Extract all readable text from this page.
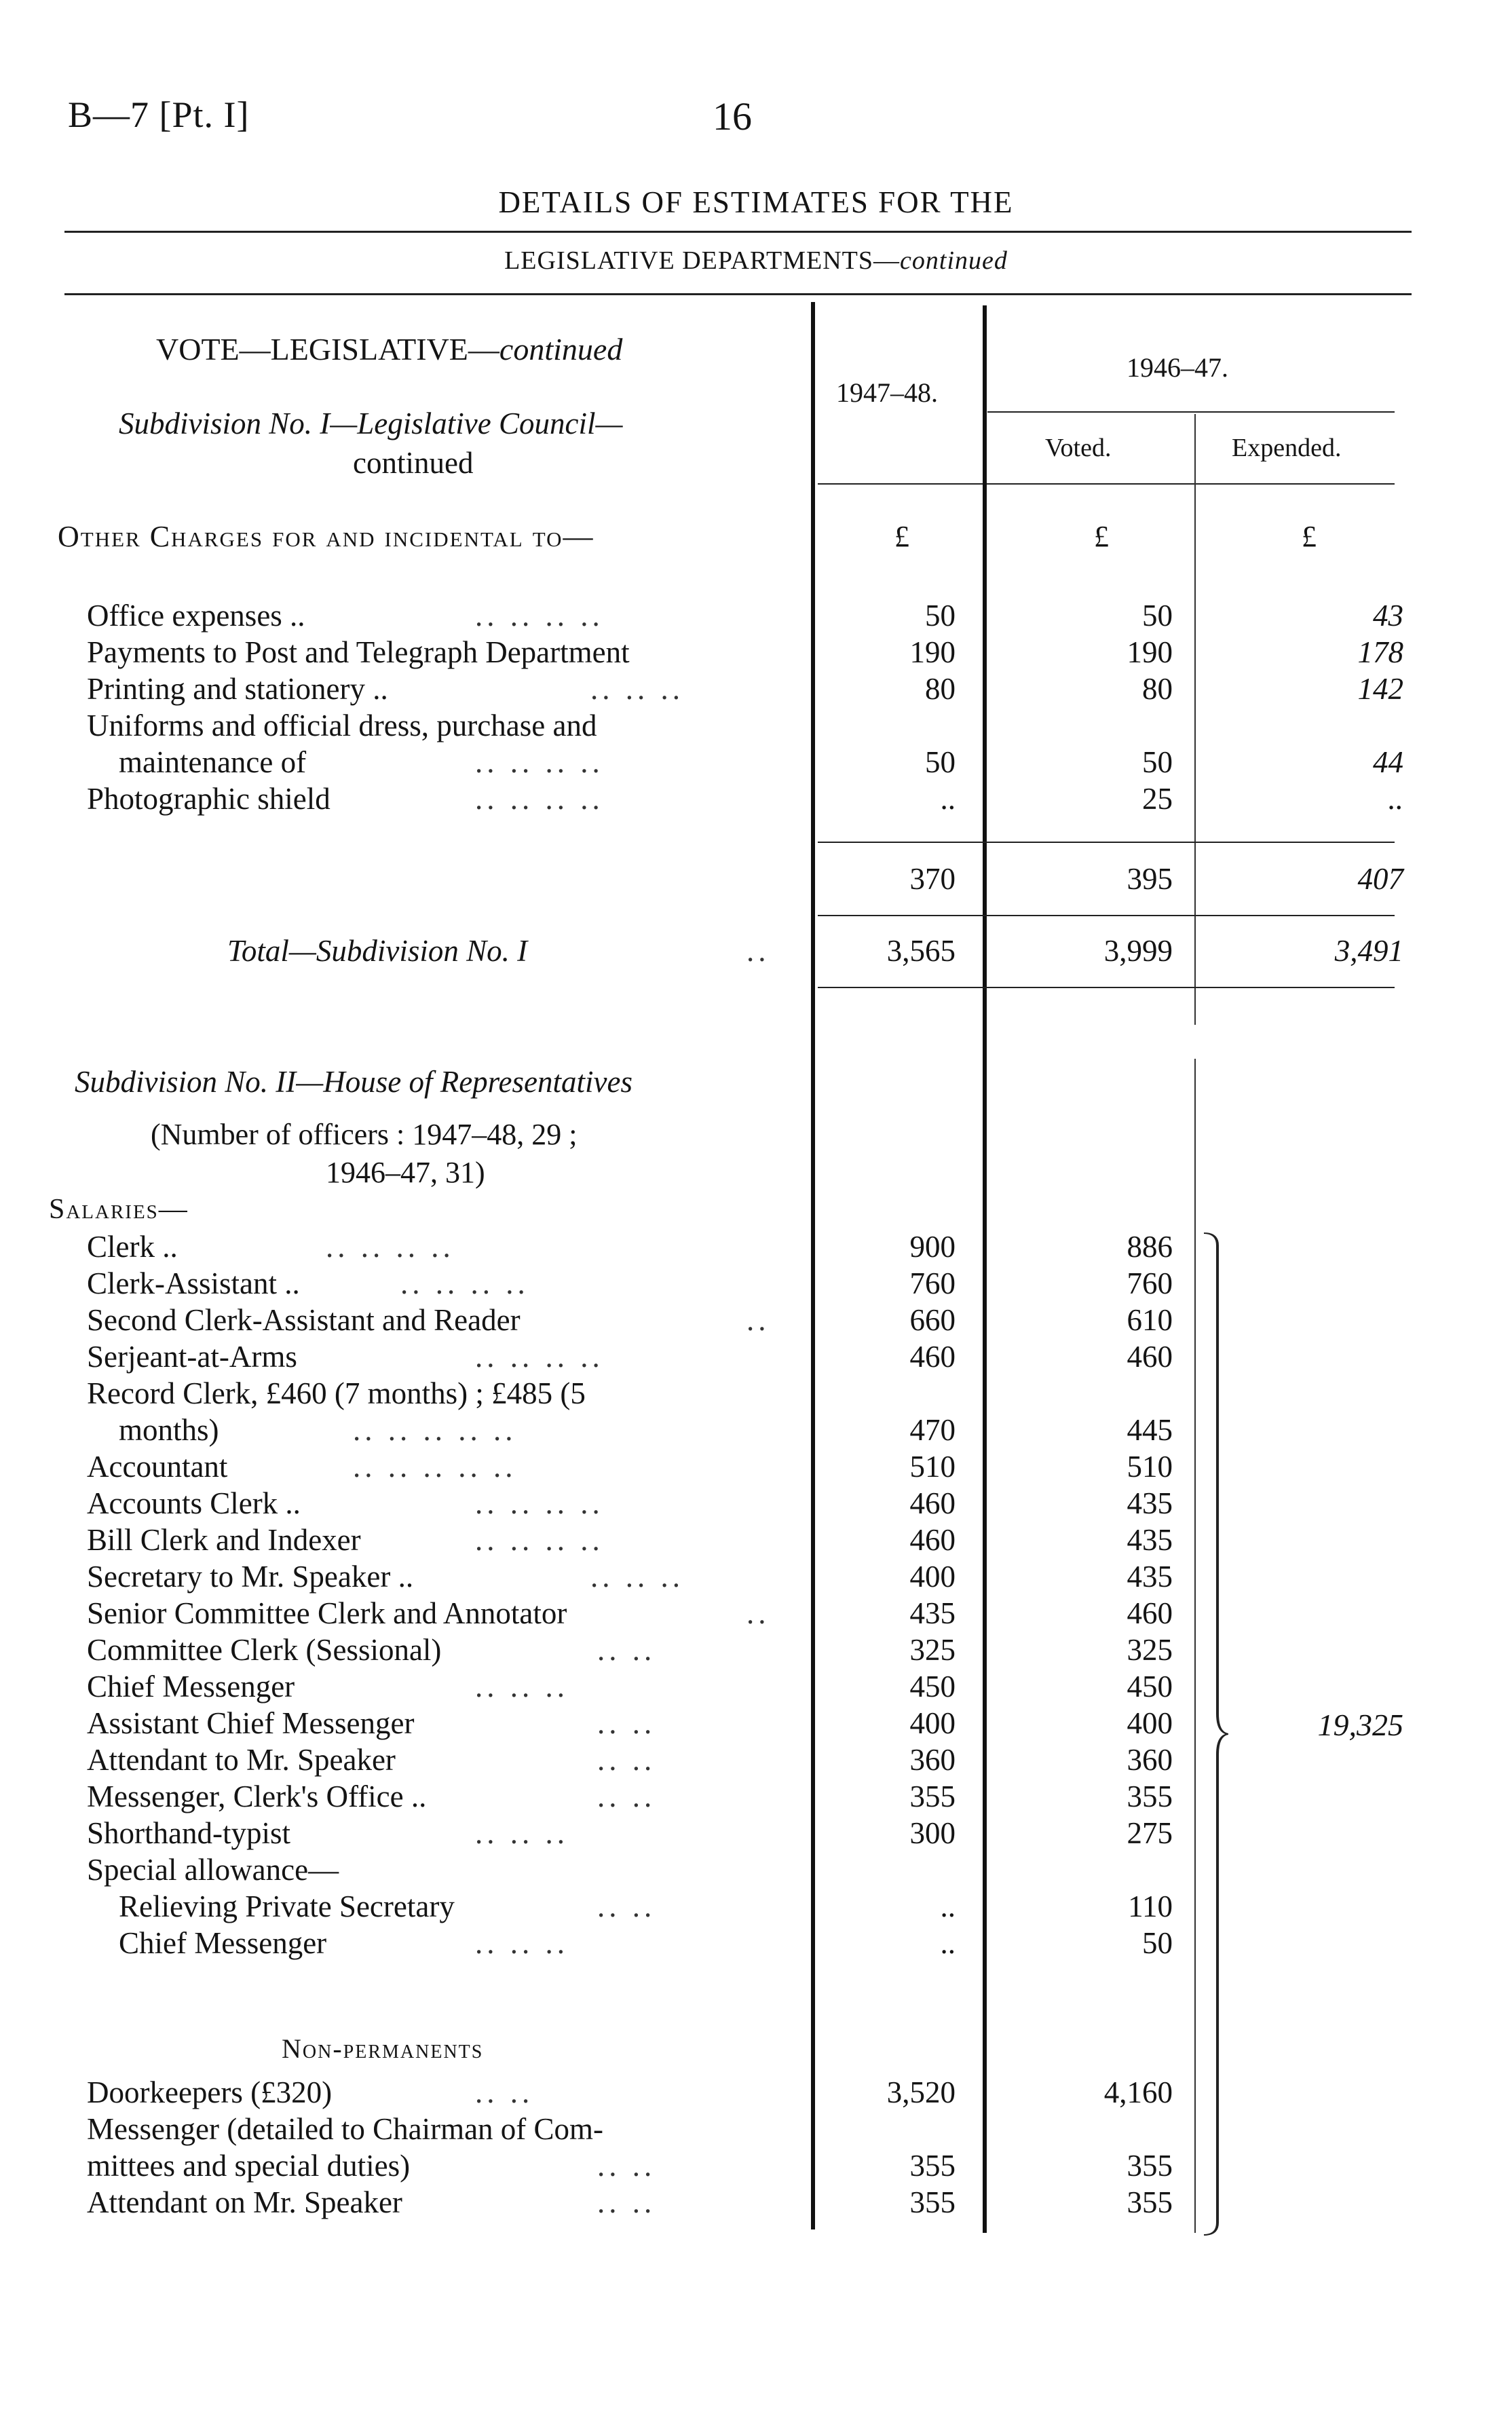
B—7 [Pt. I]	16
DETAILS OF ESTIMATES FOR THE
LEGISLATIVE DEPARTMENTS—continued
VOTE—LEGISLATIVE—continued
Subdivision No. I—Legislative Council—
continued
1947–48.
1946–47.
Voted.	Expended.
Other Charges for and incidental to—	£	£	£
Office expenses ..	.. .. .. ..	50	50	43
Payments to Post and Telegraph Department	190	190	178
Printing and stationery ..	.. .. ..	80	80	142
Uniforms and official dress, purchase and
maintenance of	.. .. .. ..	50	50	44
Photographic shield	.. .. .. ..	..	25	..
370	395	407
Total—Subdivision No. I	..	3,565	3,999	3,491
Subdivision No. II—House of Representatives
(Number of officers : 1947–48, 29 ;
1946–47, 31)
Salaries—
Clerk ..	.. .. .. ..	900	886
Clerk-Assistant ..	.. .. .. ..	760	760
Second Clerk-Assistant and Reader	..	660	610
Serjeant-at-Arms	.. .. .. ..	460	460
Record Clerk, £460 (7 months) ; £485 (5
months)	.. .. .. .. ..	470	445
Accountant	.. .. .. .. ..	510	510
Accounts Clerk ..	.. .. .. ..	460	435
Bill Clerk and Indexer	.. .. .. ..	460	435
Secretary to Mr. Speaker ..	.. .. ..	400	435
Senior Committee Clerk and Annotator	..	435	460
Committee Clerk (Sessional)	.. ..	325	325
Chief Messenger	.. .. ..	450	450
Assistant Chief Messenger	.. ..	400	400
Attendant to Mr. Speaker	.. ..	360	360
Messenger, Clerk's Office ..	.. ..	355	355
Shorthand-typist	.. .. ..	300	275
Special allowance—
Relieving Private Secretary	.. ..	..	110
Chief Messenger	.. .. ..	..	50
Non-permanents
Doorkeepers (£320)	.. ..	3,520	4,160
Messenger (detailed to Chairman of Com-
mittees and special duties)	.. ..	355	355
Attendant on Mr. Speaker	.. ..	355	355
19,325
